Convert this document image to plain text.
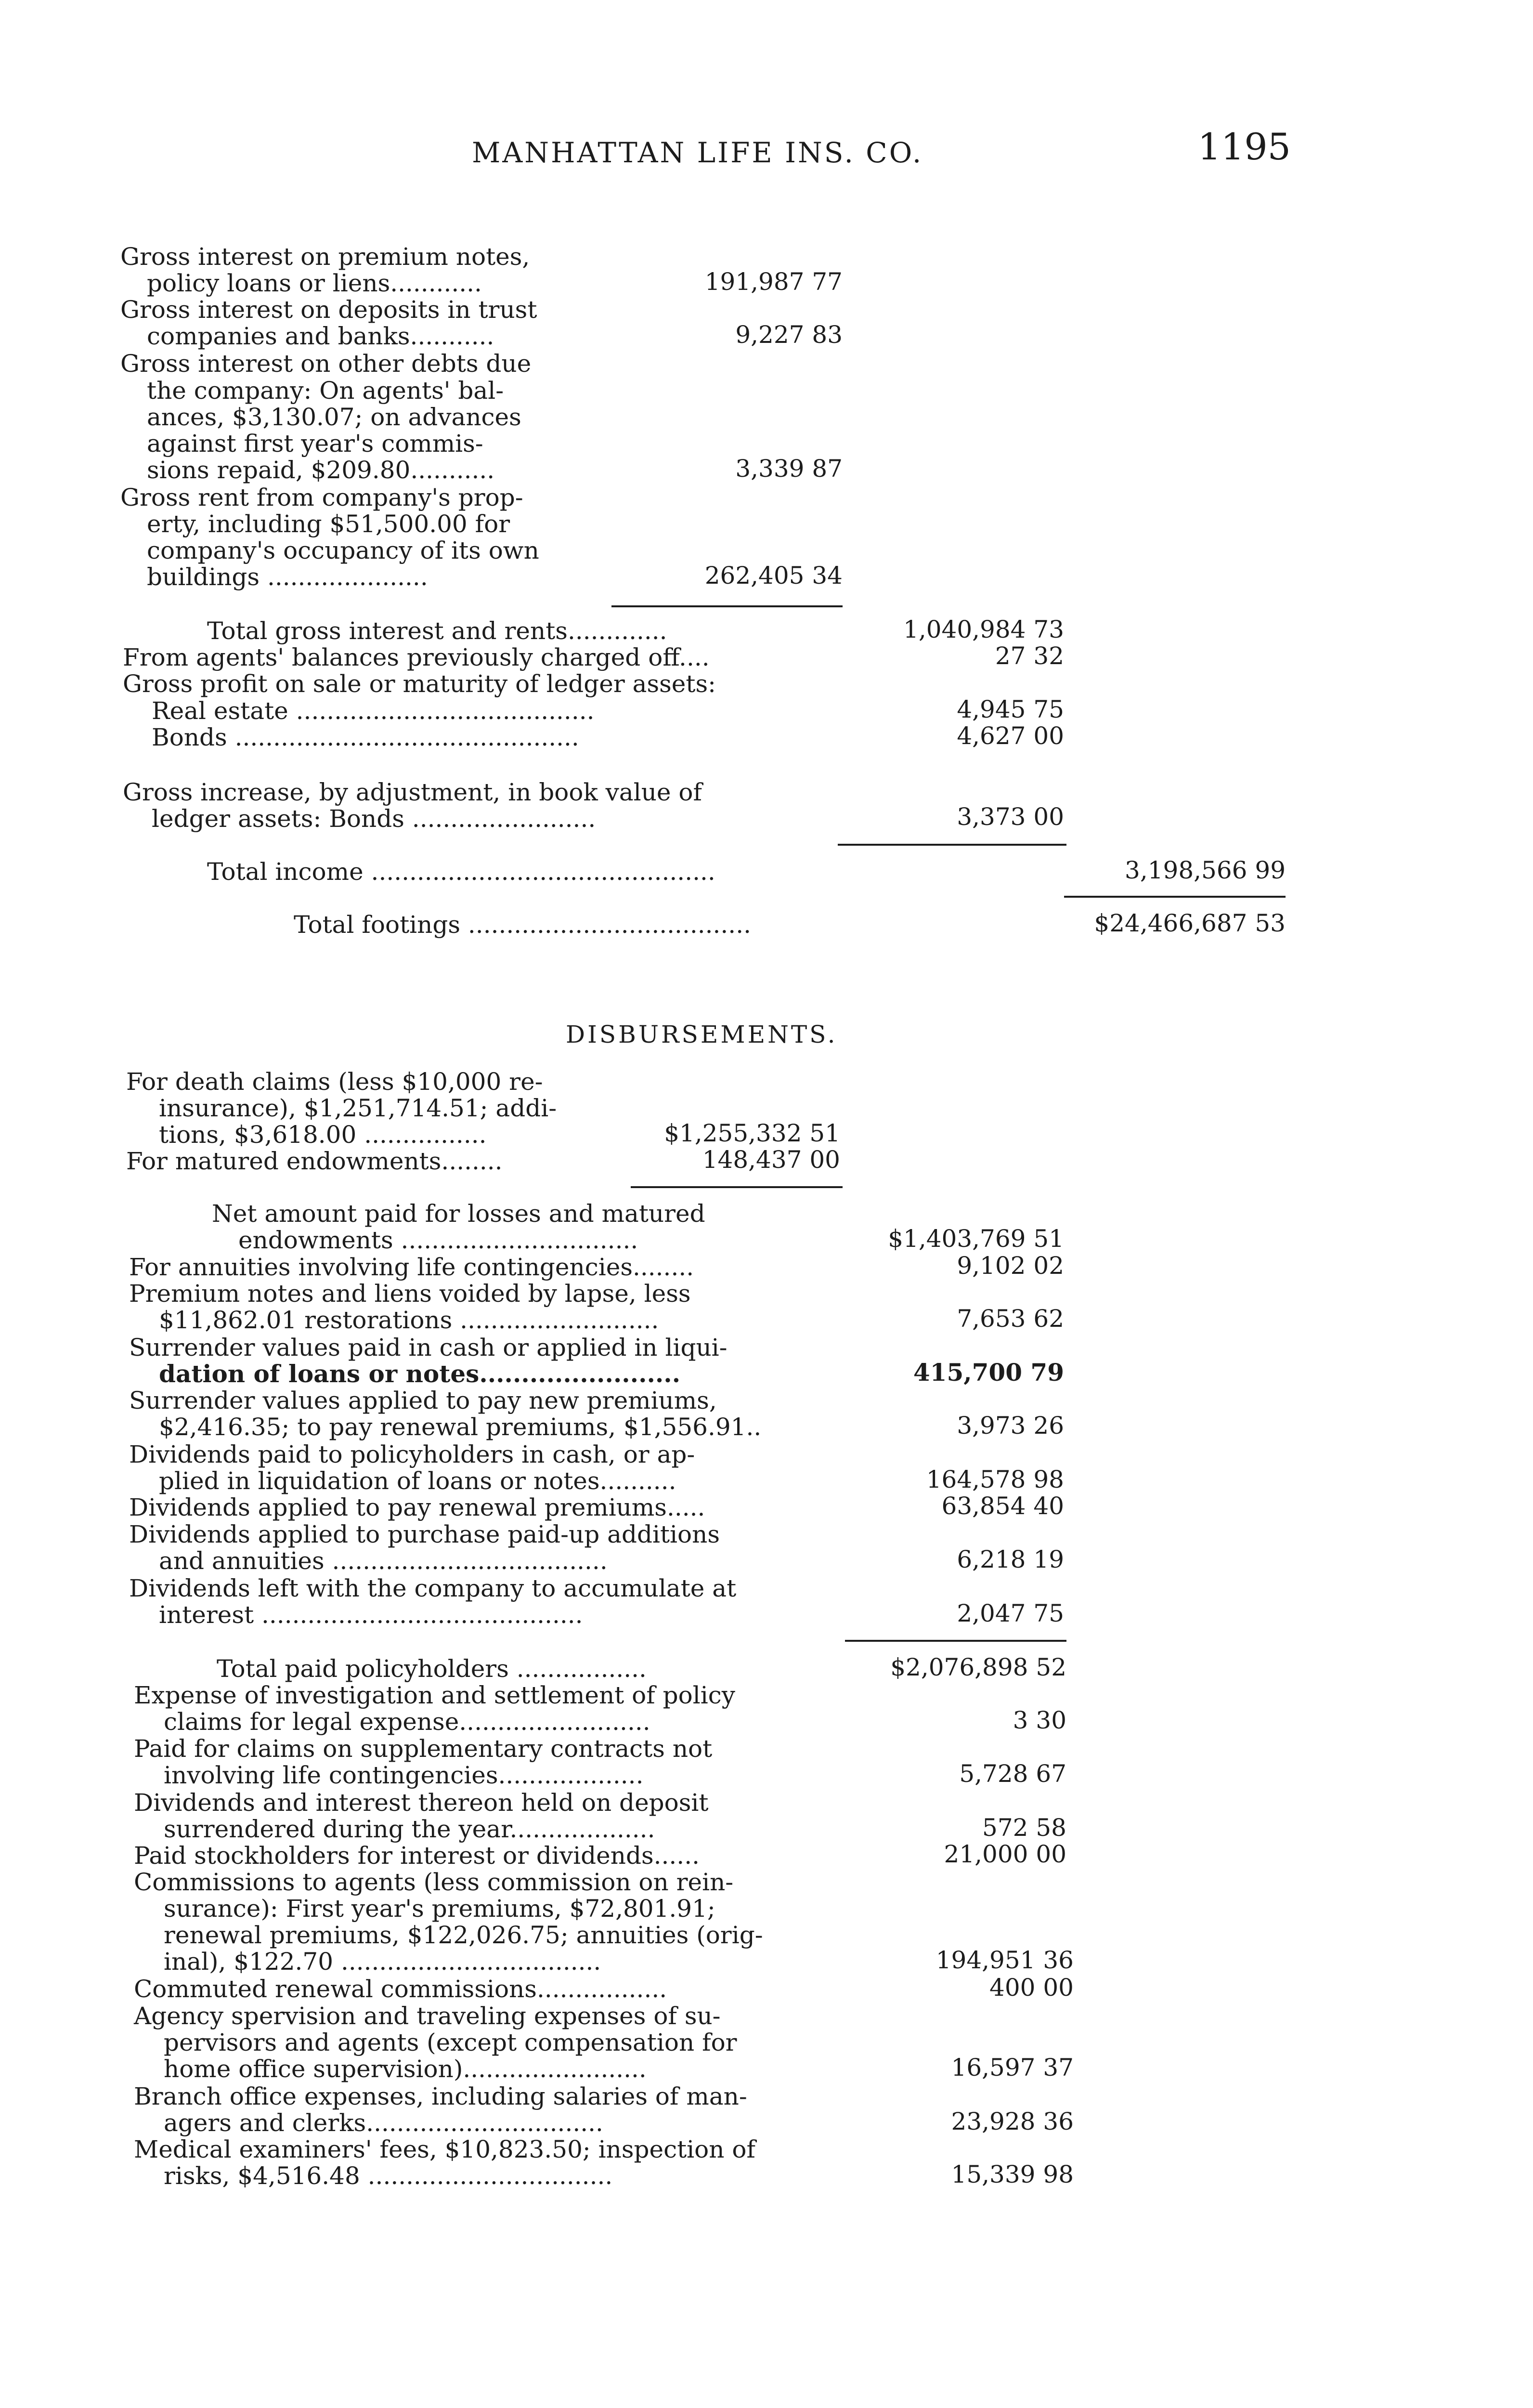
MANHATTAN LIFE INS. CO.	1195
Gross interest on premium notes,
policy loans or liens............	191,987 77
Gross interest on deposits in trust
companies and banks...........	9,227 83
Gross interest on other debts due
the company: On agents' bal-
ances, $3,130.07; on advances
against first year's commis-
sions repaid, $209.80...........	3,339 87
Gross rent from company's prop-
erty, including $51,500.00 for
company's occupancy of its own
buildings .....................	262,405 34
Total gross interest and rents.............	1,040,984 73
From agents' balances previously charged off....	27 32
Gross profit on sale or maturity of ledger assets:
Real estate .......................................	4,945 75
Bonds .............................................	4,627 00
Gross increase, by adjustment, in book value of
ledger assets: Bonds ........................	3,373 00
Total income .............................................	3,198,566 99
Total footings .....................................	$24,466,687 53
DISBURSEMENTS.
For death claims (less $10,000 re-
insurance), $1,251,714.51; addi-
tions, $3,618.00 ................	$1,255,332 51
For matured endowments........	148,437 00
Net amount paid for losses and matured
endowments ...............................	$1,403,769 51
For annuities involving life contingencies........	9,102 02
Premium notes and liens voided by lapse, less
$11,862.01 restorations ..........................	7,653 62
Surrender values paid in cash or applied in liqui-
dation of loans or notes........................	415,700 79
Surrender values applied to pay new premiums,
$2,416.35; to pay renewal premiums, $1,556.91..	3,973 26
Dividends paid to policyholders in cash, or ap-
plied in liquidation of loans or notes..........	164,578 98
Dividends applied to pay renewal premiums.....	63,854 40
Dividends applied to purchase paid-up additions
and annuities ....................................	6,218 19
Dividends left with the company to accumulate at
interest ..........................................	2,047 75
Total paid policyholders .................	$2,076,898 52
Expense of investigation and settlement of policy
claims for legal expense.........................	3 30
Paid for claims on supplementary contracts not
involving life contingencies...................	5,728 67
Dividends and interest thereon held on deposit
surrendered during the year...................	572 58
Paid stockholders for interest or dividends......	21,000 00
Commissions to agents (less commission on rein-
surance): First year's premiums, $72,801.91;
renewal premiums, $122,026.75; annuities (orig-
inal), $122.70 ..................................	194,951 36
Commuted renewal commissions.................	400 00
Agency spervision and traveling expenses of su-
pervisors and agents (except compensation for
home office supervision)........................	16,597 37
Branch office expenses, including salaries of man-
agers and clerks...............................	23,928 36
Medical examiners' fees, $10,823.50; inspection of
risks, $4,516.48 ................................	15,339 98
